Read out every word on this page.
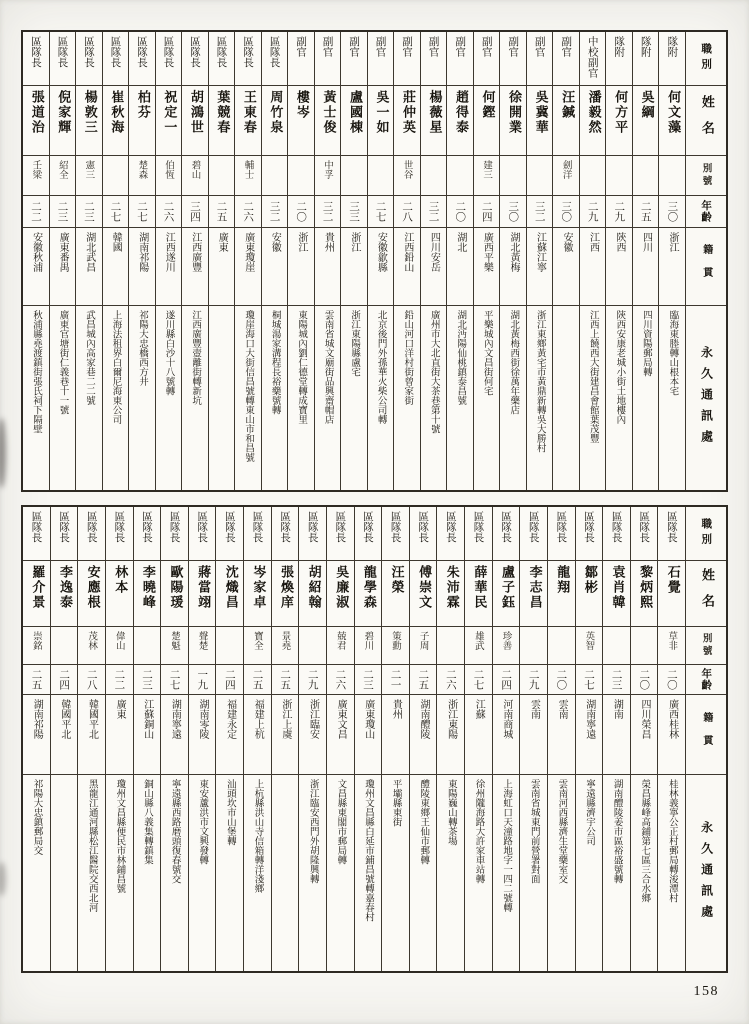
區隊長
張道治
壬梁
二二
安徽秋浦
秋浦縣堯渡鎮街張氏祠下隔壁
區隊長
倪家輝
紹全
二三
廣東番禺
廣東官塘街仁義巷十一號
區隊長
楊敦三
憲三
二三
湖北武昌
武昌城內高家巷二二號
區隊長
崔秋海
二七
韓國
上海法租界白爾尼海東公司
區隊長
柏芬
楚森
二七
湖南祁陽
祁陽大忠橋西方井
區隊長
祝定一
伯恆
二六
江西遂川
遂川縣白沙十八號轉
區隊長
胡鴻世
碧山
三四
江西廣豐
江西廣豐壺離街轉新坑
區隊長
葉競春
二五
廣東
區隊長
王東春
輔士
二六
廣東瓊崖
瓊崖海口大街信昌號轉東山市和昌號
區隊長
周竹泉
三二
安徽
桐城湯家溝程長裕藥號轉
副官
樓岑
二〇
浙江
東陽城內劉仁德堂轉成寶里
副官
黃士俊
中孚
三二
貴州
雲南省城文廟街品興齋帽店
副官
盧國棟
三三
浙江
浙江東陽縣盧宅
副官
吳一如
二七
安徽歙縣
北京後門外孫華火柴公司轉
副官
莊仲英
世谷
二八
江西鉛山
鉛山河口洋村街曾家街
副官
楊薇星
三二
四川安岳
廣州市大北直街大茶巷第十號
副官
趙得泰
二〇
湖北
湖北沔陽仙桃鎮泰昌號
副官
何鏗
建三
二四
廣西平樂
平樂城內文昌街何宅
副官
徐開業
三〇
湖北黃梅
湖北黃梅西街徐萬年藥店
副官
吳冀華
三二
江蘇江寧
浙江東鄉黃宅市黃鼎新轉吳大勝村
副官
汪鍼
劍洋
三〇
安徽
中校副官
潘毅然
二九
江西
江西上饒西大街建昌會館葉茂豐
隊附
何方平
二九
陝西
陝西安康老城小街土地樓內
隊附
吳綱
二五
四川
四川資陽郵局轉
隊附
何文藻
三〇
浙江
臨海東塍轉山根本宅
職別
姓名
別號
年齡
籍貫
永久通訊處
區隊長
羅介景
崇銘
二五
湖南祁陽
祁陽大忠鎮郵局交
區隊長
李逸泰
二四
韓國平北
區隊長
安應根
茂林
二八
韓國平北
黑龍江通河縣松江醫院交西北河
區隊長
林本
偉山
二二
廣東
瓊州文昌縣便民市林鋪昌號
區隊長
李曉峰
二三
江蘇銅山
銅山縣八義集轉鎮集
區隊長
歐陽瑗
楚魁
二七
湖南寧遠
寧遠縣西路磨頭復春號交
區隊長
蔣當翊
聲楚
一九
湖南零陵
東安蘆洪市文興發轉
區隊長
沈熾昌
二四
福建永定
汕頭坎市山堡轉
區隊長
岑家卓
寶全
二五
福建上杭
上杭縣洪山寺信箱轉洋淺鄉
區隊長
張煥庠
景堯
二五
浙江上虞
區隊長
胡紹翰
二九
浙江臨安
浙江臨安西門外胡隆興轉
區隊長
吳廉淑
兢君
二六
廣東文昌
文昌縣東閣市郵局轉
區隊長
龍學森
碧川
二三
廣東瓊山
瓊州文昌縣白延市鋪昌號轉嘉春村
區隊長
汪榮
策勳
二一
貴州
平壩縣東街
區隊長
傅崇文
子周
二五
湖南醴陵
醴陵東鄉王仙市郵轉
區隊長
朱沛霖
二六
浙江東陽
東陽巍山轉茶場
區隊長
薛華民
雄武
二七
江蘇
徐州隴海路大許家車站轉
區隊長
盧子鈺
珍善
二四
河南商城
上海虹口天潼路地字一四二號轉
區隊長
李志昌
二九
雲南
雲南省城東門前營署對面
區隊長
龍翔
二〇
雲南
雲南河西縣濟生堂藥室交
區隊長
鄒彬
英智
二七
湖南寧遠
寧遠縣濟宇公司
區隊長
袁肖韓
二三
湖南
湖南醴陵姜市區裕盛號轉
區隊長
黎炳熙
二〇
四川榮昌
榮昌縣峰高鋪第七區三合水鄉
區隊長
石覺
草非
二〇
廣西桂林
桂林義寧公正村郵局轉浚潭村
職別
姓名
別號
年齡
籍貫
永久通訊處
158
